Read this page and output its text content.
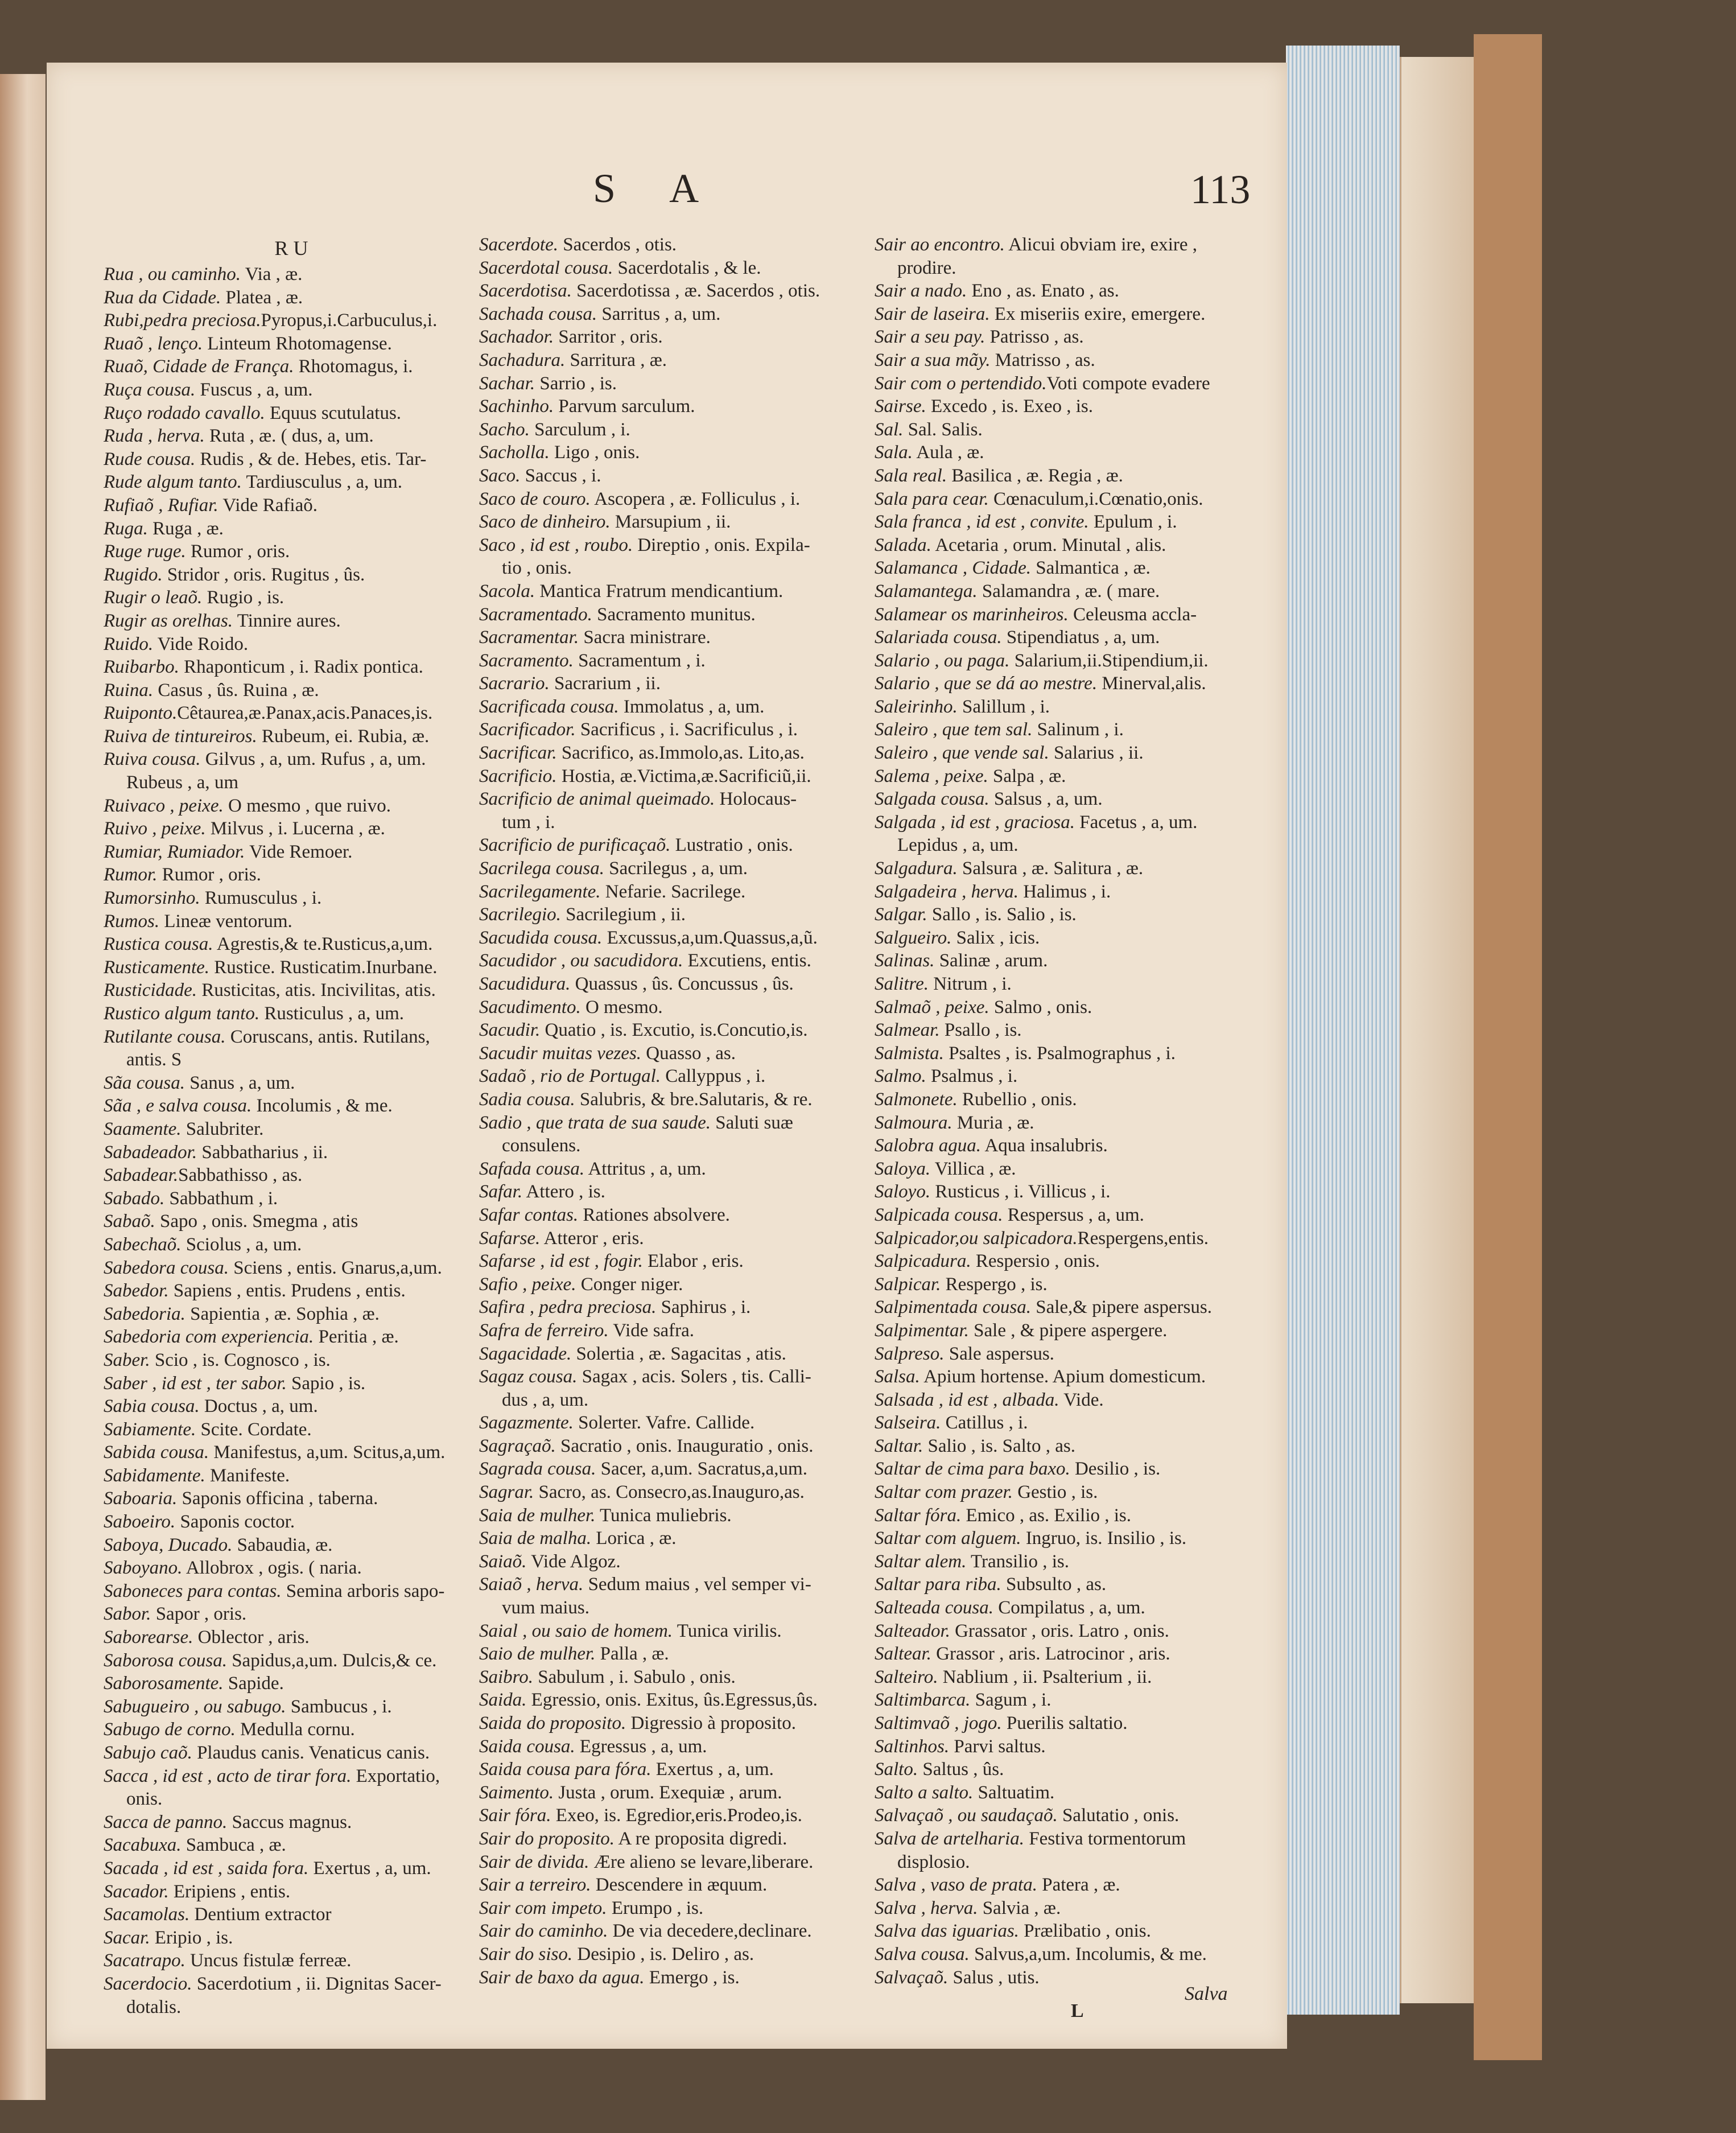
S A	113
R U
Rua , ou caminho. Via , æ.
Rua da Cidade. Platea , æ.
Rubi,pedra preciosa.Pyropus,i.Carbuculus,i.
Ruaõ , lenço. Linteum Rhotomagense.
Ruaõ, Cidade de França. Rhotomagus, i.
Ruça cousa. Fuscus , a, um.
Ruço rodado cavallo. Equus scutulatus.
Ruda , herva. Ruta , æ. ( dus, a, um.
Rude cousa. Rudis , & de. Hebes, etis. Tar-
Rude algum tanto. Tardiusculus , a, um.
Rufiaõ , Rufiar. Vide Rafiaõ.
Ruga. Ruga , æ.
Ruge ruge. Rumor , oris.
Rugido. Stridor , oris. Rugitus , ûs.
Rugir o leaõ. Rugio , is.
Rugir as orelhas. Tinnire aures.
Ruido. Vide Roido.
Ruibarbo. Rhaponticum , i. Radix pontica.
Ruina. Casus , ûs. Ruina , æ.
Ruiponto.Cêtaurea,æ.Panax,acis.Panaces,is.
Ruiva de tintureiros. Rubeum, ei. Rubia, æ.
Ruiva cousa. Gilvus , a, um. Rufus , a, um.
Rubeus , a, um
Ruivaco , peixe. O mesmo , que ruivo.
Ruivo , peixe. Milvus , i. Lucerna , æ.
Rumiar, Rumiador. Vide Remoer.
Rumor. Rumor , oris.
Rumorsinho. Rumusculus , i.
Rumos. Lineæ ventorum.
Rustica cousa. Agrestis,& te.Rusticus,a,um.
Rusticamente. Rustice. Rusticatim.Inurbane.
Rusticidade. Rusticitas, atis. Incivilitas, atis.
Rustico algum tanto. Rusticulus , a, um.
Rutilante cousa. Coruscans, antis. Rutilans,
antis. S
Sãa cousa. Sanus , a, um.
Sãa , e salva cousa. Incolumis , & me.
Saamente. Salubriter.
Sabadeador. Sabbatharius , ii.
Sabadear.Sabbathisso , as.
Sabado. Sabbathum , i.
Sabaõ. Sapo , onis. Smegma , atis
Sabechaõ. Sciolus , a, um.
Sabedora cousa. Sciens , entis. Gnarus,a,um.
Sabedor. Sapiens , entis. Prudens , entis.
Sabedoria. Sapientia , æ. Sophia , æ.
Sabedoria com experiencia. Peritia , æ.
Saber. Scio , is. Cognosco , is.
Saber , id est , ter sabor. Sapio , is.
Sabia cousa. Doctus , a, um.
Sabiamente. Scite. Cordate.
Sabida cousa. Manifestus, a,um. Scitus,a,um.
Sabidamente. Manifeste.
Saboaria. Saponis officina , taberna.
Saboeiro. Saponis coctor.
Saboya, Ducado. Sabaudia, æ.
Saboyano. Allobrox , ogis. ( naria.
Saboneces para contas. Semina arboris sapo-
Sabor. Sapor , oris.
Saborearse. Oblector , aris.
Saborosa cousa. Sapidus,a,um. Dulcis,& ce.
Saborosamente. Sapide.
Sabugueiro , ou sabugo. Sambucus , i.
Sabugo de corno. Medulla cornu.
Sabujo caõ. Plaudus canis. Venaticus canis.
Sacca , id est , acto de tirar fora. Exportatio,
onis.
Sacca de panno. Saccus magnus.
Sacabuxa. Sambuca , æ.
Sacada , id est , saida fora. Exertus , a, um.
Sacador. Eripiens , entis.
Sacamolas. Dentium extractor
Sacar. Eripio , is.
Sacatrapo. Uncus fistulæ ferreæ.
Sacerdocio. Sacerdotium , ii. Dignitas Sacer-
dotalis.
Sacerdote. Sacerdos , otis.
Sacerdotal cousa. Sacerdotalis , & le.
Sacerdotisa. Sacerdotissa , æ. Sacerdos , otis.
Sachada cousa. Sarritus , a, um.
Sachador. Sarritor , oris.
Sachadura. Sarritura , æ.
Sachar. Sarrio , is.
Sachinho. Parvum sarculum.
Sacho. Sarculum , i.
Sacholla. Ligo , onis.
Saco. Saccus , i.
Saco de couro. Ascopera , æ. Folliculus , i.
Saco de dinheiro. Marsupium , ii.
Saco , id est , roubo. Direptio , onis. Expila-
tio , onis.
Sacola. Mantica Fratrum mendicantium.
Sacramentado. Sacramento munitus.
Sacramentar. Sacra ministrare.
Sacramento. Sacramentum , i.
Sacrario. Sacrarium , ii.
Sacrificada cousa. Immolatus , a, um.
Sacrificador. Sacrificus , i. Sacrificulus , i.
Sacrificar. Sacrifico, as.Immolo,as. Lito,as.
Sacrificio. Hostia, æ.Victima,æ.Sacrificiũ,ii.
Sacrificio de animal queimado. Holocaus-
tum , i.
Sacrificio de purificaçaõ. Lustratio , onis.
Sacrilega cousa. Sacrilegus , a, um.
Sacrilegamente. Nefarie. Sacrilege.
Sacrilegio. Sacrilegium , ii.
Sacudida cousa. Excussus,a,um.Quassus,a,ũ.
Sacudidor , ou sacudidora. Excutiens, entis.
Sacudidura. Quassus , ûs. Concussus , ûs.
Sacudimento. O mesmo.
Sacudir. Quatio , is. Excutio, is.Concutio,is.
Sacudir muitas vezes. Quasso , as.
Sadaõ , rio de Portugal. Callyppus , i.
Sadia cousa. Salubris, & bre.Salutaris, & re.
Sadio , que trata de sua saude. Saluti suæ
consulens.
Safada cousa. Attritus , a, um.
Safar. Attero , is.
Safar contas. Rationes absolvere.
Safarse. Atteror , eris.
Safarse , id est , fogir. Elabor , eris.
Safio , peixe. Conger niger.
Safira , pedra preciosa. Saphirus , i.
Safra de ferreiro. Vide safra.
Sagacidade. Solertia , æ. Sagacitas , atis.
Sagaz cousa. Sagax , acis. Solers , tis. Calli-
dus , a, um.
Sagazmente. Solerter. Vafre. Callide.
Sagraçaõ. Sacratio , onis. Inauguratio , onis.
Sagrada cousa. Sacer, a,um. Sacratus,a,um.
Sagrar. Sacro, as. Consecro,as.Inauguro,as.
Saia de mulher. Tunica muliebris.
Saia de malha. Lorica , æ.
Saiaõ. Vide Algoz.
Saiaõ , herva. Sedum maius , vel semper vi-
vum maius.
Saial , ou saio de homem. Tunica virilis.
Saio de mulher. Palla , æ.
Saibro. Sabulum , i. Sabulo , onis.
Saida. Egressio, onis. Exitus, ûs.Egressus,ûs.
Saida do proposito. Digressio à proposito.
Saida cousa. Egressus , a, um.
Saida cousa para fóra. Exertus , a, um.
Saimento. Justa , orum. Exequiæ , arum.
Sair fóra. Exeo, is. Egredior,eris.Prodeo,is.
Sair do proposito. A re proposita digredi.
Sair de divida. Ære alieno se levare,liberare.
Sair a terreiro. Descendere in æquum.
Sair com impeto. Erumpo , is.
Sair do caminho. De via decedere,declinare.
Sair do siso. Desipio , is. Deliro , as.
Sair de baxo da agua. Emergo , is.
Sair ao encontro. Alicui obviam ire, exire ,
prodire.
Sair a nado. Eno , as. Enato , as.
Sair de laseira. Ex miseriis exire, emergere.
Sair a seu pay. Patrisso , as.
Sair a sua mãy. Matrisso , as.
Sair com o pertendido.Voti compote evadere
Sairse. Excedo , is. Exeo , is.
Sal. Sal. Salis.
Sala. Aula , æ.
Sala real. Basilica , æ. Regia , æ.
Sala para cear. Cœnaculum,i.Cœnatio,onis.
Sala franca , id est , convite. Epulum , i.
Salada. Acetaria , orum. Minutal , alis.
Salamanca , Cidade. Salmantica , æ.
Salamantega. Salamandra , æ. ( mare.
Salamear os marinheiros. Celeusma accla-
Salariada cousa. Stipendiatus , a, um.
Salario , ou paga. Salarium,ii.Stipendium,ii.
Salario , que se dá ao mestre. Minerval,alis.
Saleirinho. Salillum , i.
Saleiro , que tem sal. Salinum , i.
Saleiro , que vende sal. Salarius , ii.
Salema , peixe. Salpa , æ.
Salgada cousa. Salsus , a, um.
Salgada , id est , graciosa. Facetus , a, um.
Lepidus , a, um.
Salgadura. Salsura , æ. Salitura , æ.
Salgadeira , herva. Halimus , i.
Salgar. Sallo , is. Salio , is.
Salgueiro. Salix , icis.
Salinas. Salinæ , arum.
Salitre. Nitrum , i.
Salmaõ , peixe. Salmo , onis.
Salmear. Psallo , is.
Salmista. Psaltes , is. Psalmographus , i.
Salmo. Psalmus , i.
Salmonete. Rubellio , onis.
Salmoura. Muria , æ.
Salobra agua. Aqua insalubris.
Saloya. Villica , æ.
Saloyo. Rusticus , i. Villicus , i.
Salpicada cousa. Respersus , a, um.
Salpicador,ou salpicadora.Respergens,entis.
Salpicadura. Respersio , onis.
Salpicar. Respergo , is.
Salpimentada cousa. Sale,& pipere aspersus.
Salpimentar. Sale , & pipere aspergere.
Salpreso. Sale aspersus.
Salsa. Apium hortense. Apium domesticum.
Salsada , id est , albada. Vide.
Salseira. Catillus , i.
Saltar. Salio , is. Salto , as.
Saltar de cima para baxo. Desilio , is.
Saltar com prazer. Gestio , is.
Saltar fóra. Emico , as. Exilio , is.
Saltar com alguem. Ingruo, is. Insilio , is.
Saltar alem. Transilio , is.
Saltar para riba. Subsulto , as.
Salteada cousa. Compilatus , a, um.
Salteador. Grassator , oris. Latro , onis.
Saltear. Grassor , aris. Latrocinor , aris.
Salteiro. Nablium , ii. Psalterium , ii.
Saltimbarca. Sagum , i.
Saltimvaõ , jogo. Puerilis saltatio.
Saltinhos. Parvi saltus.
Salto. Saltus , ûs.
Salto a salto. Saltuatim.
Salvaçaõ , ou saudaçaõ. Salutatio , onis.
Salva de artelharia. Festiva tormentorum
displosio.
Salva , vaso de prata. Patera , æ.
Salva , herva. Salvia , æ.
Salva das iguarias. Prælibatio , onis.
Salva cousa. Salvus,a,um. Incolumis, & me.
Salvaçaõ. Salus , utis.
L
Salva
